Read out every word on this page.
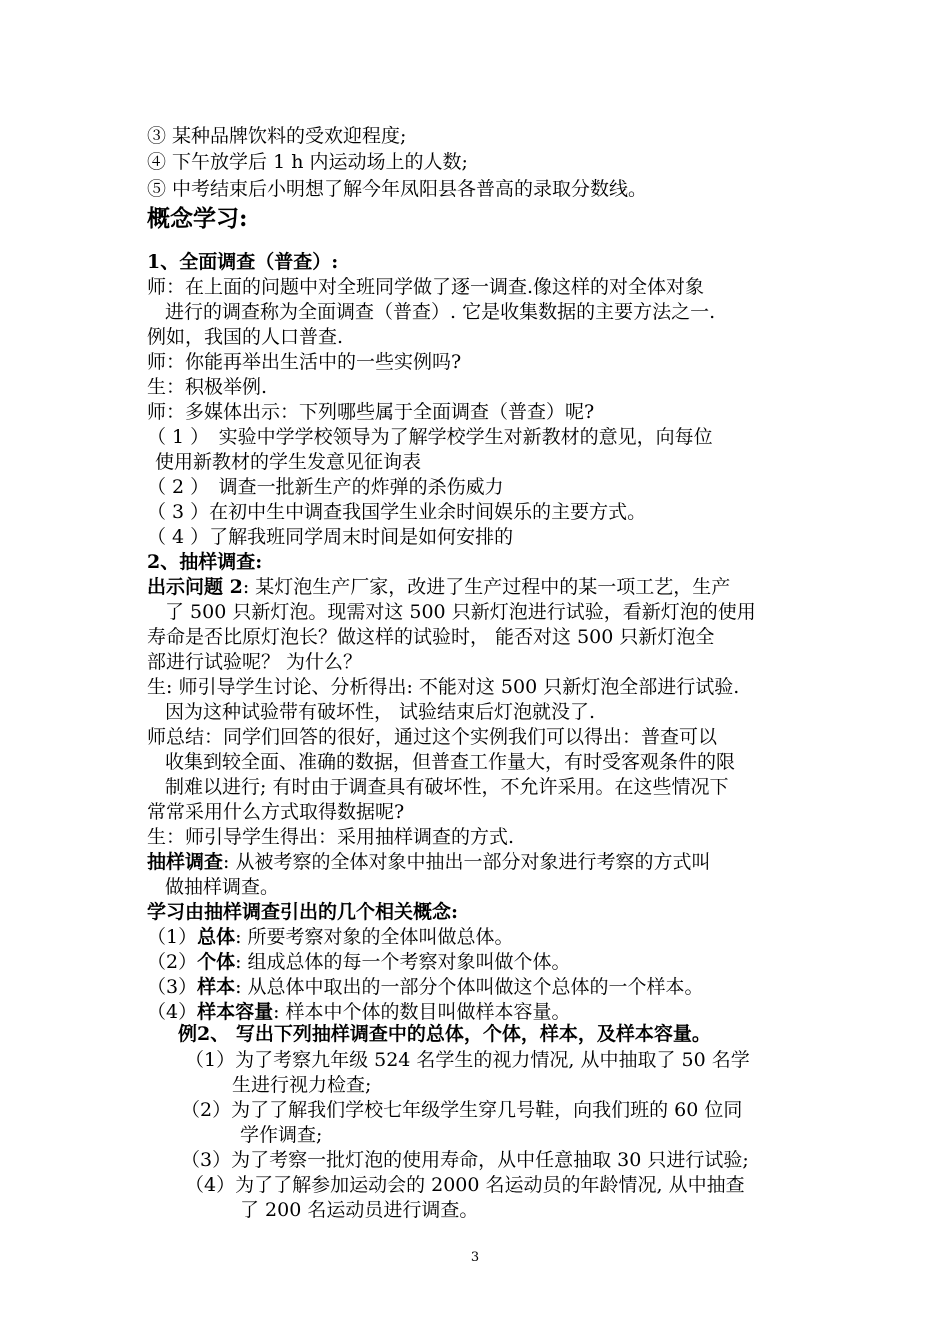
③ 某种品牌饮料的受欢迎程度;
④ 下午放学后 1 h 内运动场上的人数;
⑤ 中考结束后小明想了解今年凤阳县各普高的录取分数线。
概念学习:
1、全面调查（普查）:
师：在上面的问题中对全班同学做了逐一调查.像这样的对全体对象
进行的调查称为全面调查（普查）. 它是收集数据的主要方法之一.
例如，我国的人口普查.
师：你能再举出生活中的一些实例吗?
生：积极举例.
师：多媒体出示：下列哪些属于全面调查（普查）呢?
（ 1 ）　实验中学学校领导为了解学校学生对新教材的意见，向每位
使用新教材的学生发意见征询表
（ 2 ）　调查一批新生产的炸弹的杀伤威力
（ 3 ）在初中生中调查我国学生业余时间娱乐的主要方式。
（ 4 ）了解我班同学周末时间是如何安排的
2、抽样调查:
出示问题 2: 某灯泡生产厂家，改进了生产过程中的某一项工艺，生产
了 500 只新灯泡。现需对这 500 只新灯泡进行试验，看新灯泡的使用
寿命是否比原灯泡长？做这样的试验时， 能否对这 500 只新灯泡全
部进行试验呢？ 为什么？
生: 师引导学生讨论、分析得出: 不能对这 500 只新灯泡全部进行试验.
因为这种试验带有破坏性， 试验结束后灯泡就没了.
师总结：同学们回答的很好，通过这个实例我们可以得出：普查可以
收集到较全面、准确的数据，但普查工作量大，有时受客观条件的限
制难以进行; 有时由于调查具有破坏性，不允许采用。在这些情况下
常常采用什么方式取得数据呢?
生：师引导学生得出：采用抽样调查的方式.
抽样调查: 从被考察的全体对象中抽出一部分对象进行考察的方式叫
做抽样调查。
学习由抽样调查引出的几个相关概念:
（1）总体: 所要考察对象的全体叫做总体。
（2）个体: 组成总体的每一个考察对象叫做个体。
（3）样本: 从总体中取出的一部分个体叫做这个总体的一个样本。
（4）样本容量: 样本中个体的数目叫做样本容量。
例2、 写出下列抽样调查中的总体，个体，样本，及样本容量。
（1）为了考察九年级 524 名学生的视力情况, 从中抽取了 50 名学
生进行视力检查;
（2）为了了解我们学校七年级学生穿几号鞋，向我们班的 60 位同
学作调查;
（3）为了考察一批灯泡的使用寿命，从中任意抽取 30 只进行试验;
（4）为了了解参加运动会的 2000 名运动员的年龄情况, 从中抽查
了 200 名运动员进行调查。
3
